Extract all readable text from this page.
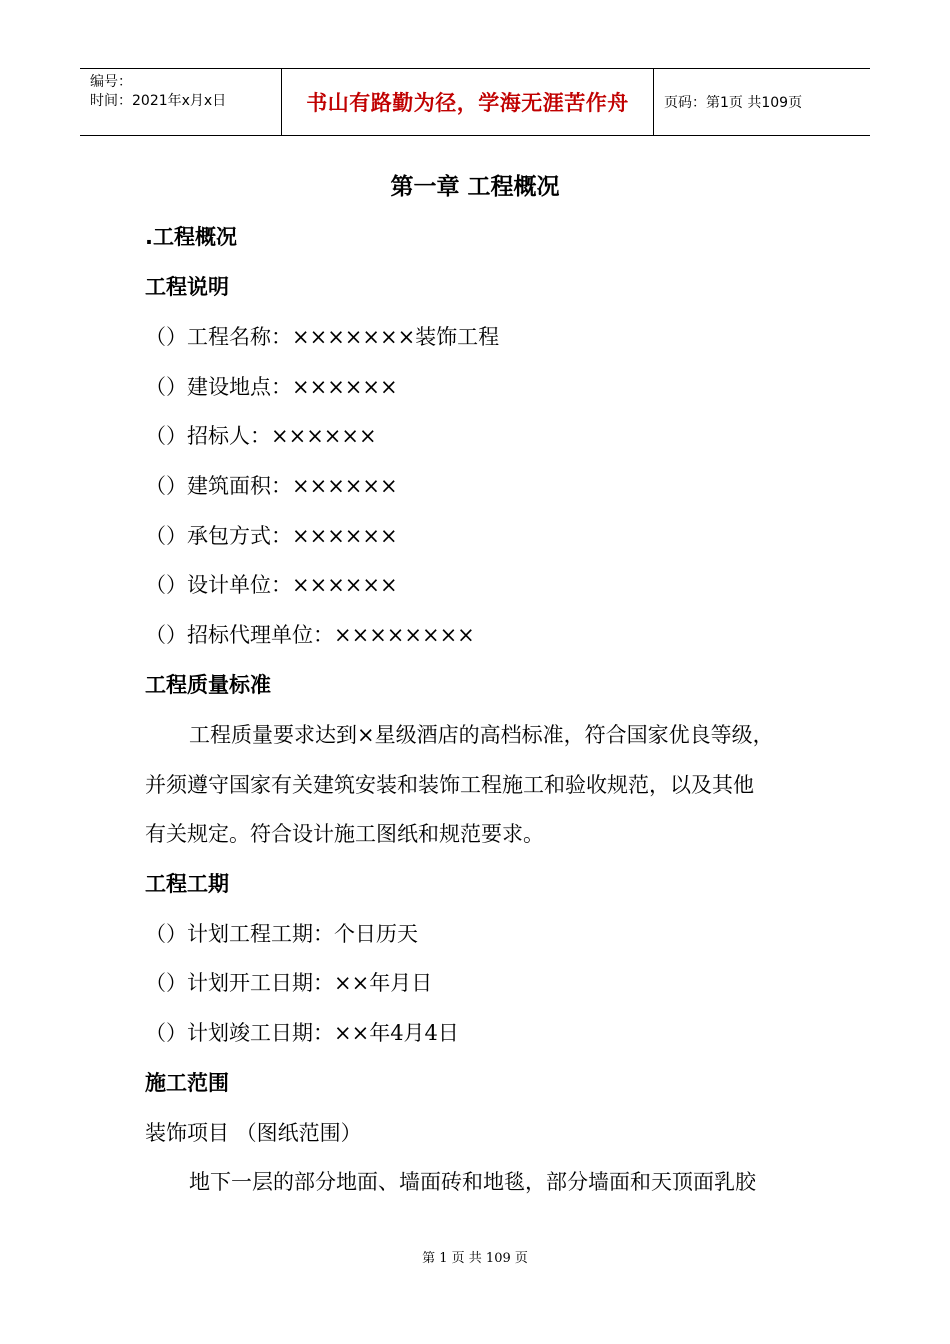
编号：
时间：2021年x月x日	书山有路勤为径，学海无涯苦作舟	页码：第1页 共109页
第一章 工程概况
.工程概况
工程说明
（）工程名称：×××××××装饰工程
（）建设地点：××××××
（）招标人：××××××
（）建筑面积：××××××
（）承包方式：××××××
（）设计单位：××××××
（）招标代理单位：××××××××
工程质量标准
工程质量要求达到×星级酒店的高档标准，符合国家优良等级，
并须遵守国家有关建筑安装和装饰工程施工和验收规范，以及其他
有关规定。符合设计施工图纸和规范要求。
工程工期
（）计划工程工期：个日历天
（）计划开工日期：××年月日
（）计划竣工日期：××年4月4日
施工范围
装饰项目 （图纸范围）
地下一层的部分地面、墙面砖和地毯，部分墙面和天顶面乳胶
第 1 页 共 109 页
